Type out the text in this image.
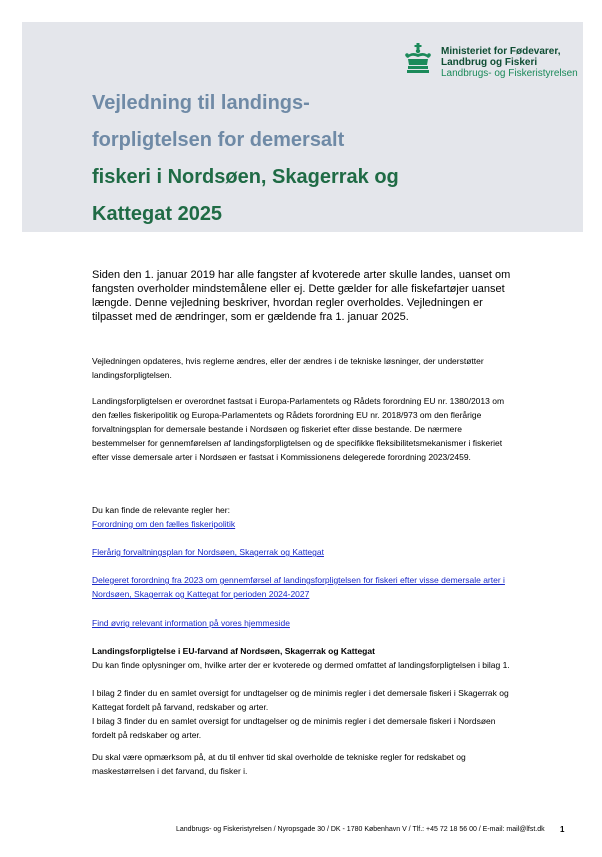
Ministeriet for Fødevarer,
Landbrug og Fiskeri
Landbrugs- og Fiskeristyrelsen
Vejledning til landings-
forpligtelsen for demersalt
fiskeri i Nordsøen, Skagerrak og
Kattegat 2025
Siden den 1. januar 2019 har alle fangster af kvoterede arter skulle landes, uanset om fangsten overholder mindstemålene eller ej. Dette gælder for alle fiskefartøjer uanset længde. Denne vejledning beskriver, hvordan regler overholdes. Vejledningen er tilpasset med de ændringer, som er gældende fra 1. januar 2025.
Vejledningen opdateres, hvis reglerne ændres, eller der ændres i de tekniske løsninger, der understøtter landingsforpligtelsen.
Landingsforpligtelsen er overordnet fastsat i Europa-Parlamentets og Rådets forordning EU nr. 1380/2013 om den fælles fiskeripolitik og Europa-Parlamentets og Rådets forordning EU nr. 2018/973 om den flerårige forvaltningsplan for demersale bestande i Nordsøen og fiskeriet efter disse bestande. De nærmere bestemmelser for gennemførelsen af landingsforpligtelsen og de specifikke fleksibilitetsmekanismer i fiskeriet efter visse demersale arter i Nordsøen er fastsat i Kommissionens delegerede forordning 2023/2459.
Du kan finde de relevante regler her:
Forordning om den fælles fiskeripolitik
Flerårig forvaltningsplan for Nordsøen, Skagerrak og Kattegat
Delegeret forordning fra 2023 om gennemførsel af landingsforpligtelsen for fiskeri efter visse demersale arter i Nordsøen, Skagerrak og Kattegat for perioden 2024-2027
Find øvrig relevant information på vores hjemmeside
Landingsforpligtelse i EU-farvand af Nordsøen, Skagerrak og Kattegat
Du kan finde oplysninger om, hvilke arter der er kvoterede og dermed omfattet af landingsforpligtelsen i bilag 1.
I bilag 2 finder du en samlet oversigt for undtagelser og de minimis regler i det demersale fiskeri i Skagerrak og Kattegat fordelt på farvand, redskaber og arter.
I bilag 3 finder du en samlet oversigt for undtagelser og de minimis regler i det demersale fiskeri i Nordsøen fordelt på redskaber og arter.
Du skal være opmærksom på, at du til enhver tid skal overholde de tekniske regler for redskabet og maskestørrelsen i det farvand, du fisker i.
Landbrugs- og Fiskeristyrelsen / Nyropsgade 30 / DK - 1780 København V / Tlf.: +45 72 18 56 00 / E-mail: mail@lfst.dk 1
